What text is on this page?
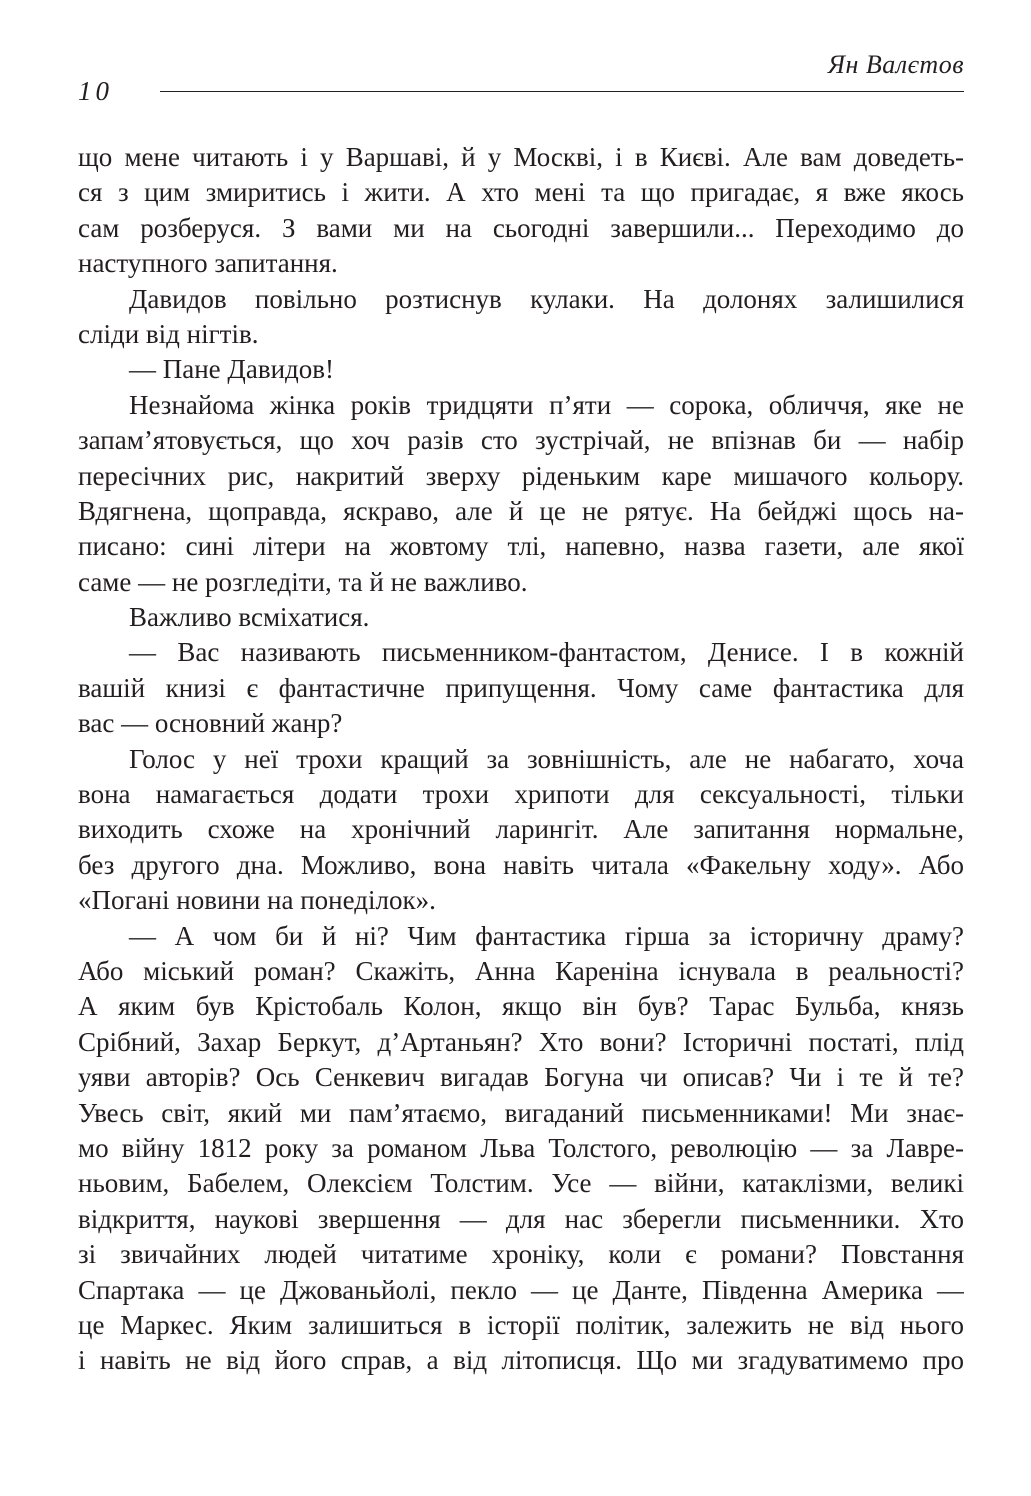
Ян Валєтов
10
що мене читають і у Варшаві, й у Москві, і в Києві. Але вам доведеть-
ся з цим змиритись і жити. А хто мені та що пригадає, я вже якось
сам розберуся. З вами ми на сьогодні завершили... Переходимо до
наступного запитання.
Давидов повільно розтиснув кулаки. На долонях залишилися
сліди від нігтів.
— Пане Давидов!
Незнайома жінка років тридцяти п’яти — сорока, обличчя, яке не
запам’ятовується, що хоч разів сто зустрічай, не впізнав би — набір
пересічних рис, накритий зверху ріденьким каре мишачого кольору.
Вдягнена, щоправда, яскраво, але й це не рятує. На бейджі щось на-
писано: сині літери на жовтому тлі, напевно, назва газети, але якої
саме — не розгледіти, та й не важливо.
Важливо всміхатися.
— Вас називають письменником-фантастом, Денисе. І в кожній
вашій книзі є фантастичне припущення. Чому саме фантастика для
вас — основний жанр?
Голос у неї трохи кращий за зовнішність, але не набагато, хоча
вона намагається додати трохи хрипоти для сексуальності, тільки
виходить схоже на хронічний ларингіт. Але запитання нормальне,
без другого дна. Можливо, вона навіть читала «Факельну ходу». Або
«Погані новини на понеділок».
— А чом би й ні? Чим фантастика гірша за історичну драму?
Або міський роман? Скажіть, Анна Кареніна існувала в реальності?
А яким був Крістобаль Колон, якщо він був? Тарас Бульба, князь
Срібний, Захар Беркут, д’Артаньян? Хто вони? Історичні постаті, плід
уяви авторів? Ось Сенкевич вигадав Богуна чи описав? Чи і те й те?
Увесь світ, який ми пам’ятаємо, вигаданий письменниками! Ми знає-
мо війну 1812 року за романом Льва Толстого, революцію — за Лавре-
ньовим, Бабелем, Олексієм Толстим. Усе — війни, катаклізми, великі
відкриття, наукові звершення — для нас зберегли письменники. Хто
зі звичайних людей читатиме хроніку, коли є романи? Повстання
Спартака — це Джованьйолі, пекло — це Данте, Південна Америка —
це Маркес. Яким залишиться в історії політик, залежить не від нього
і навіть не від його справ, а від літописця. Що ми згадуватимемо про
